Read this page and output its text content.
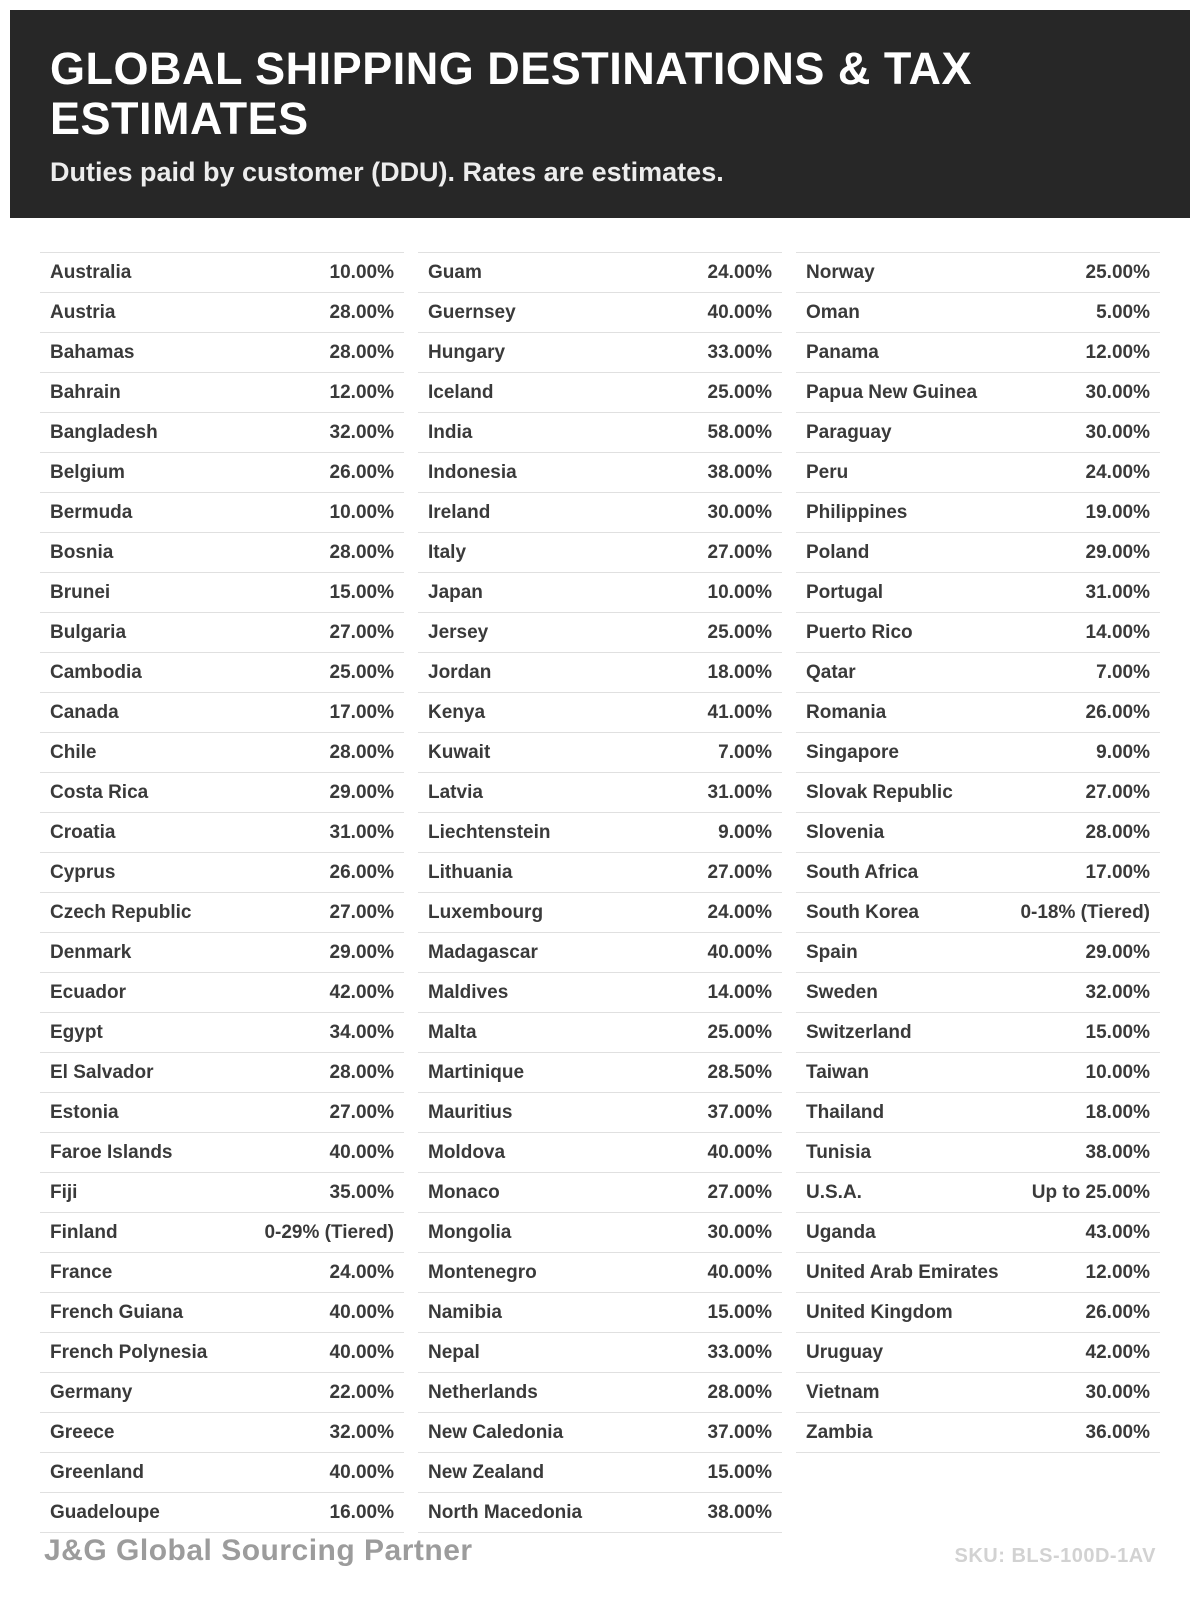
GLOBAL SHIPPING DESTINATIONS & TAX ESTIMATES
Duties paid by customer (DDU). Rates are estimates.
Australia	10.00%
Austria	28.00%
Bahamas	28.00%
Bahrain	12.00%
Bangladesh	32.00%
Belgium	26.00%
Bermuda	10.00%
Bosnia	28.00%
Brunei	15.00%
Bulgaria	27.00%
Cambodia	25.00%
Canada	17.00%
Chile	28.00%
Costa Rica	29.00%
Croatia	31.00%
Cyprus	26.00%
Czech Republic	27.00%
Denmark	29.00%
Ecuador	42.00%
Egypt	34.00%
El Salvador	28.00%
Estonia	27.00%
Faroe Islands	40.00%
Fiji	35.00%
Finland	0-29% (Tiered)
France	24.00%
French Guiana	40.00%
French Polynesia	40.00%
Germany	22.00%
Greece	32.00%
Greenland	40.00%
Guadeloupe	16.00%
Guam	24.00%
Guernsey	40.00%
Hungary	33.00%
Iceland	25.00%
India	58.00%
Indonesia	38.00%
Ireland	30.00%
Italy	27.00%
Japan	10.00%
Jersey	25.00%
Jordan	18.00%
Kenya	41.00%
Kuwait	7.00%
Latvia	31.00%
Liechtenstein	9.00%
Lithuania	27.00%
Luxembourg	24.00%
Madagascar	40.00%
Maldives	14.00%
Malta	25.00%
Martinique	28.50%
Mauritius	37.00%
Moldova	40.00%
Monaco	27.00%
Mongolia	30.00%
Montenegro	40.00%
Namibia	15.00%
Nepal	33.00%
Netherlands	28.00%
New Caledonia	37.00%
New Zealand	15.00%
North Macedonia	38.00%
Norway	25.00%
Oman	5.00%
Panama	12.00%
Papua New Guinea	30.00%
Paraguay	30.00%
Peru	24.00%
Philippines	19.00%
Poland	29.00%
Portugal	31.00%
Puerto Rico	14.00%
Qatar	7.00%
Romania	26.00%
Singapore	9.00%
Slovak Republic	27.00%
Slovenia	28.00%
South Africa	17.00%
South Korea	0-18% (Tiered)
Spain	29.00%
Sweden	32.00%
Switzerland	15.00%
Taiwan	10.00%
Thailand	18.00%
Tunisia	38.00%
U.S.A.	Up to 25.00%
Uganda	43.00%
United Arab Emirates	12.00%
United Kingdom	26.00%
Uruguay	42.00%
Vietnam	30.00%
Zambia	36.00%
J&G Global Sourcing Partner	SKU: BLS-100D-1AV
